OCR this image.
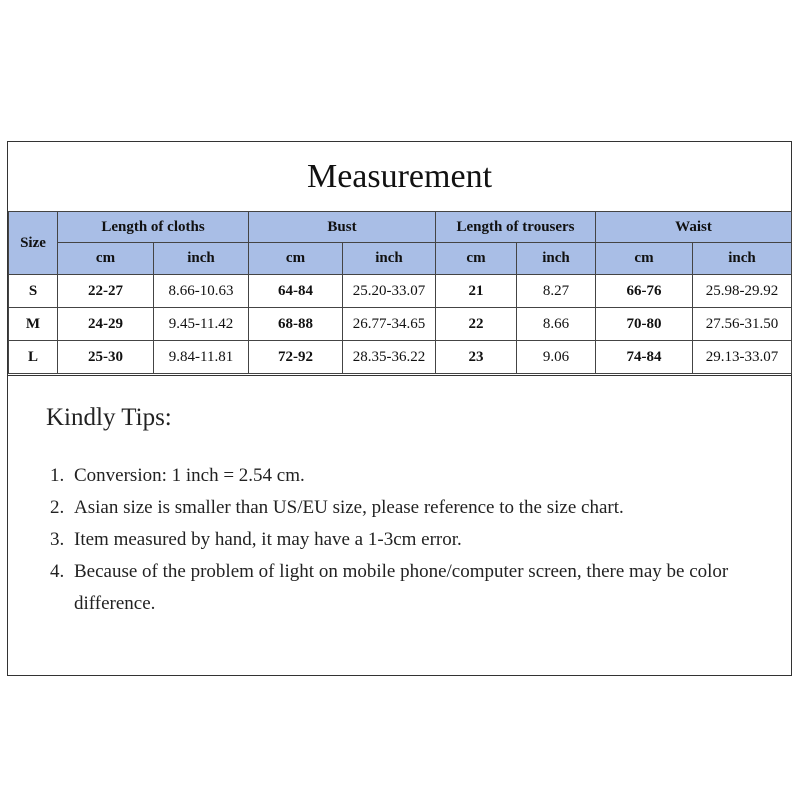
Measurement
Size	Length of cloths		Bust		Length of trousers		Waist	
	cm	inch	cm	inch	cm	inch	cm	inch
S	22-27	8.66-10.63	64-84	25.20-33.07	21	8.27	66-76	25.98-29.92
M	24-29	9.45-11.42	68-88	26.77-34.65	22	8.66	70-80	27.56-31.50
L	25-30	9.84-11.81	72-92	28.35-36.22	23	9.06	74-84	29.13-33.07
Kindly Tips:
1. Conversion: 1 inch = 2.54 cm.
2. Asian size is smaller than US/EU size, please reference to the size chart.
3. Item measured by hand, it may have a 1-3cm error.
4. Because of the problem of light on mobile phone/computer screen, there may be color difference.
